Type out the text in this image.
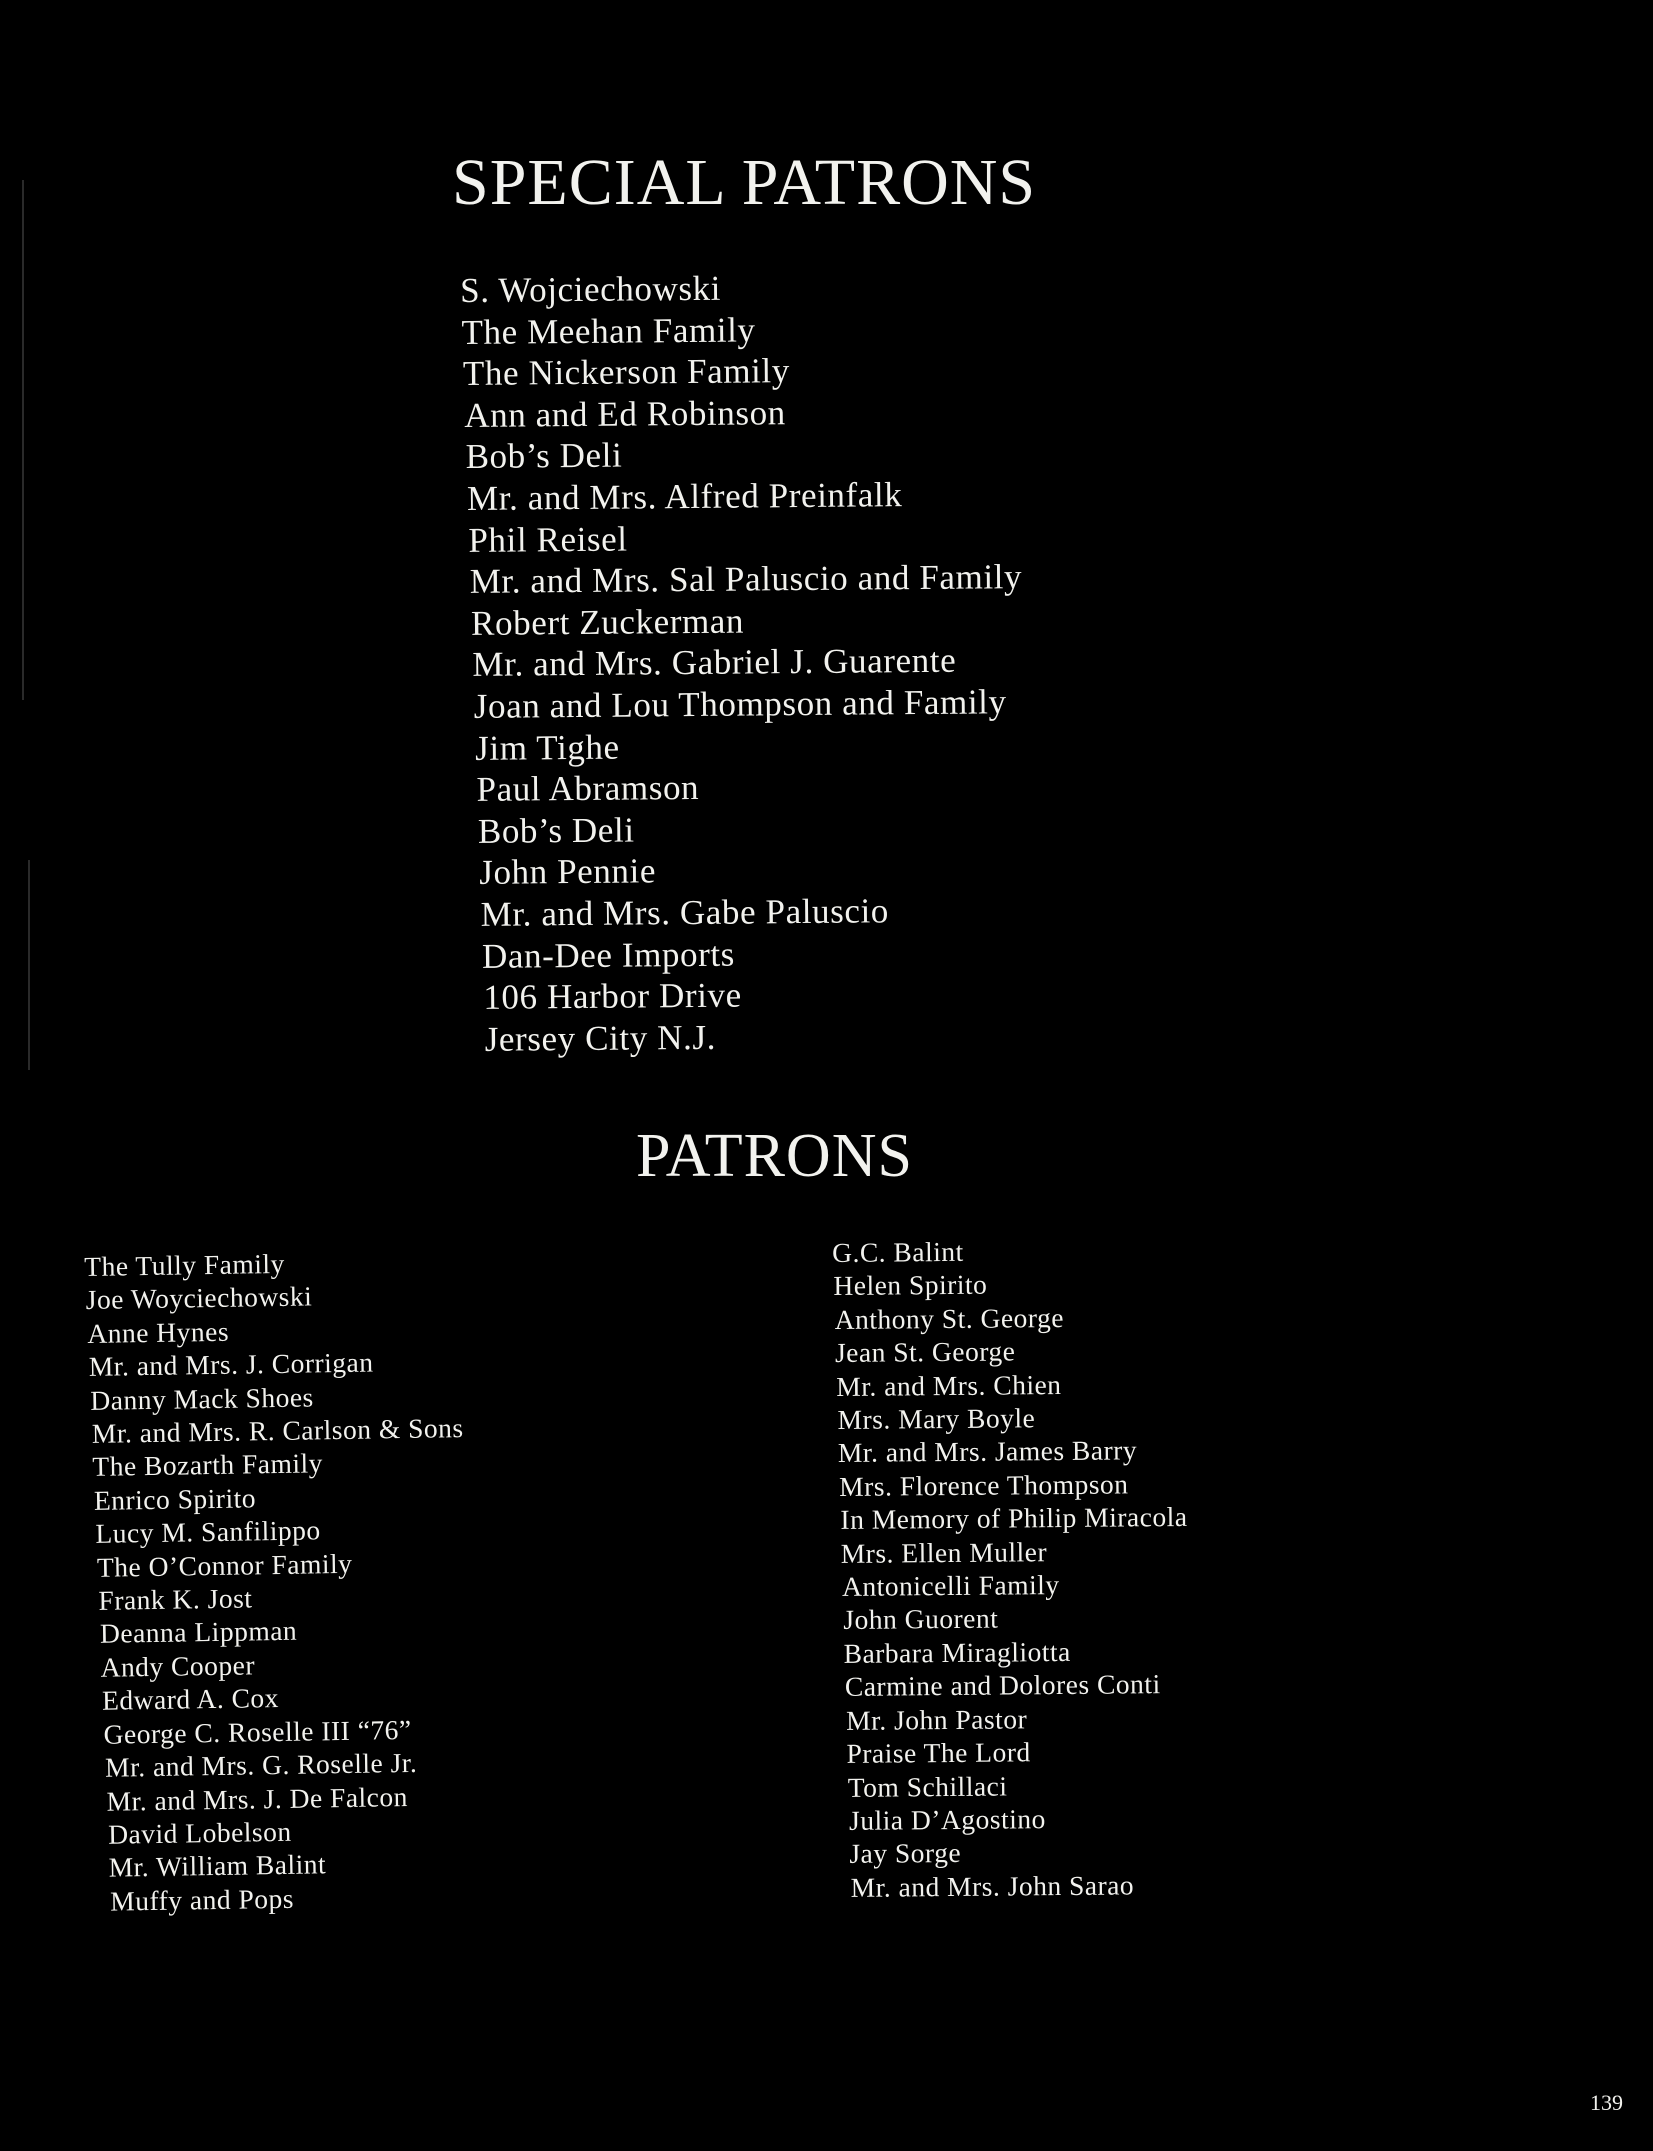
SPECIAL PATRONS
S. Wojciechowski
The Meehan Family
The Nickerson Family
Ann and Ed Robinson
Bob’s Deli
Mr. and Mrs. Alfred Preinfalk
Phil Reisel
Mr. and Mrs. Sal Paluscio and Family
Robert Zuckerman
Mr. and Mrs. Gabriel J. Guarente
Joan and Lou Thompson and Family
Jim Tighe
Paul Abramson
Bob’s Deli
John Pennie
Mr. and Mrs. Gabe Paluscio
Dan-Dee Imports
106 Harbor Drive
Jersey City N.J.
PATRONS
The Tully Family
Joe Woyciechowski
Anne Hynes
Mr. and Mrs. J. Corrigan
Danny Mack Shoes
Mr. and Mrs. R. Carlson & Sons
The Bozarth Family
Enrico Spirito
Lucy M. Sanfilippo
The O’Connor Family
Frank K. Jost
Deanna Lippman
Andy Cooper
Edward A. Cox
George C. Roselle III “76”
Mr. and Mrs. G. Roselle Jr.
Mr. and Mrs. J. De Falcon
David Lobelson
Mr. William Balint
Muffy and Pops
G.C. Balint
Helen Spirito
Anthony St. George
Jean St. George
Mr. and Mrs. Chien
Mrs. Mary Boyle
Mr. and Mrs. James Barry
Mrs. Florence Thompson
In Memory of Philip Miracola
Mrs. Ellen Muller
Antonicelli Family
John Guorent
Barbara Miragliotta
Carmine and Dolores Conti
Mr. John Pastor
Praise The Lord
Tom Schillaci
Julia D’Agostino
Jay Sorge
Mr. and Mrs. John Sarao
139
